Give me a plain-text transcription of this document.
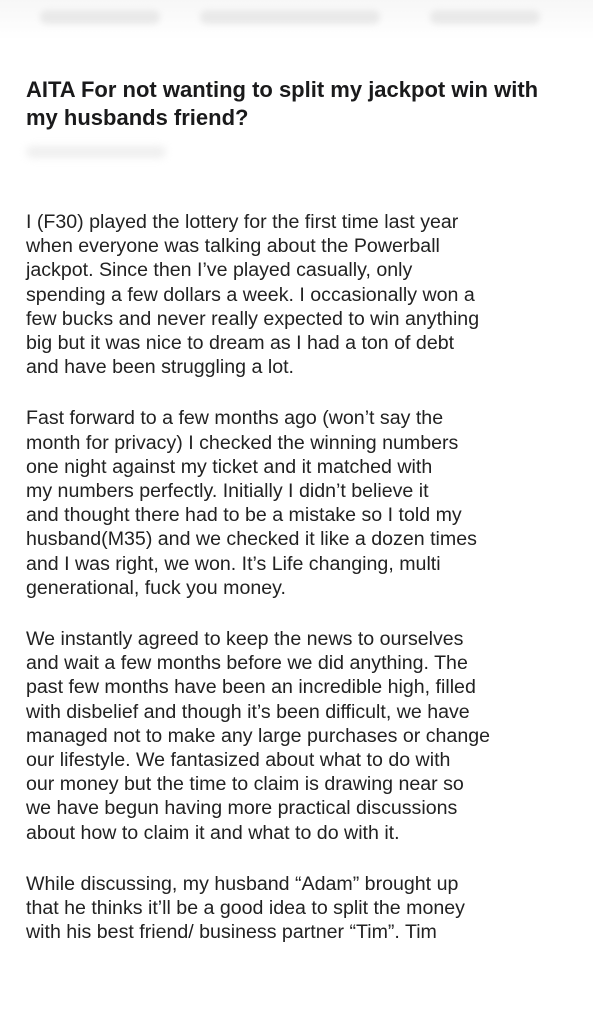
AITA For not wanting to split my jackpot win with my husbands friend?

I (F30) played the lottery for the first time last year
when everyone was talking about the Powerball
jackpot. Since then I’ve played casually, only
spending a few dollars a week. I occasionally won a
few bucks and never really expected to win anything
big but it was nice to dream as I had a ton of debt
and have been struggling a lot.

Fast forward to a few months ago (won’t say the
month for privacy) I checked the winning numbers
one night against my ticket and it matched with
my numbers perfectly. Initially I didn’t believe it
and thought there had to be a mistake so I told my
husband(M35) and we checked it like a dozen times
and I was right, we won. It’s Life changing, multi
generational, fuck you money.

We instantly agreed to keep the news to ourselves
and wait a few months before we did anything. The
past few months have been an incredible high, filled
with disbelief and though it’s been difficult, we have
managed not to make any large purchases or change
our lifestyle. We fantasized about what to do with
our money but the time to claim is drawing near so
we have begun having more practical discussions
about how to claim it and what to do with it.

While discussing, my husband “Adam” brought up
that he thinks it’ll be a good idea to split the money
with his best friend/ business partner “Tim”. Tim
